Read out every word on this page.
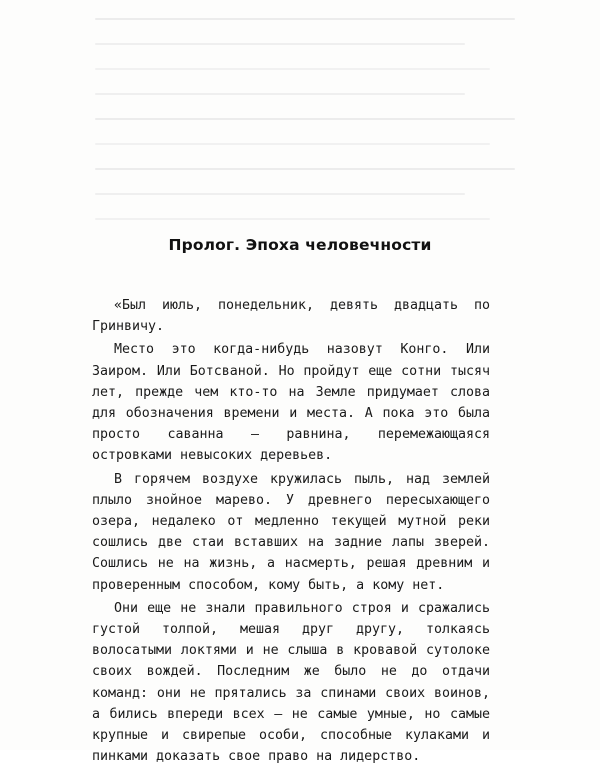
Пролог. Эпоха человечности

«Был июль, понедельник, девять двадцать по Гринвичу.

Место это когда-нибудь назовут Конго. Или Заиром. Или Ботсваной. Но пройдут еще сотни тысяч лет, прежде чем кто-то на Земле придумает слова для обозначения времени и места. А пока это была просто саванна — равнина, перемежающаяся островками невысоких деревьев.

В горячем воздухе кружилась пыль, над землей плыло знойное марево. У древнего пересыхающего озера, недалеко от медленно текущей мутной реки сошлись две стаи вставших на задние лапы зверей. Сошлись не на жизнь, а насмерть, решая древним и проверенным способом, кому быть, а кому нет.

Они еще не знали правильного строя и сражались густой толпой, мешая друг другу, толкаясь волосатыми локтями и не слыша в кровавой сутолоке своих вождей. Последним же было не до отдачи команд: они не прятались за спинами своих воинов, а бились впереди всех — не самые умные, но самые крупные и свирепые особи, способные кулаками и пинками доказать свое право на лидерство.
